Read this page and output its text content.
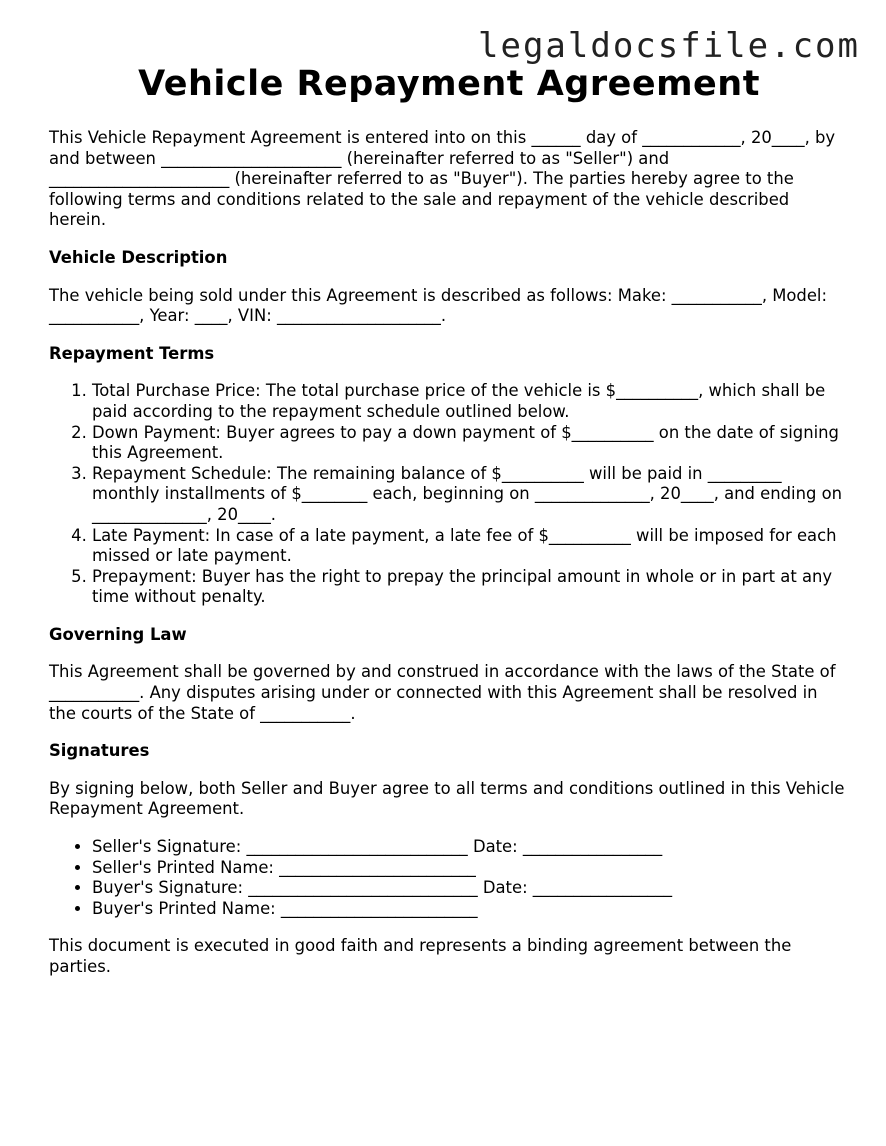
legaldocsfile.com
Vehicle Repayment Agreement

This Vehicle Repayment Agreement is entered into on this ______ day of ____________, 20____, by and between ______________________ (hereinafter referred to as "Seller") and ______________________ (hereinafter referred to as "Buyer"). The parties hereby agree to the following terms and conditions related to the sale and repayment of the vehicle described herein.

Vehicle Description

The vehicle being sold under this Agreement is described as follows: Make: ___________, Model: ___________, Year: ____, VIN: ____________________.

Repayment Terms
1. Total Purchase Price: The total purchase price of the vehicle is $__________, which shall be paid according to the repayment schedule outlined below.
2. Down Payment: Buyer agrees to pay a down payment of $__________ on the date of signing this Agreement.
3. Repayment Schedule: The remaining balance of $__________ will be paid in _________ monthly installments of $________ each, beginning on ______________, 20____, and ending on ______________, 20____.
4. Late Payment: In case of a late payment, a late fee of $__________ will be imposed for each missed or late payment.
5. Prepayment: Buyer has the right to prepay the principal amount in whole or in part at any time without penalty.
Governing Law

This Agreement shall be governed by and construed in accordance with the laws of the State of ___________. Any disputes arising under or connected with this Agreement shall be resolved in the courts of the State of ___________.

Signatures

By signing below, both Seller and Buyer agree to all terms and conditions outlined in this Vehicle Repayment Agreement.

• Seller's Signature: ___________________________ Date: _________________
• Seller's Printed Name: ________________________
• Buyer's Signature: ____________________________ Date: _________________
• Buyer's Printed Name: ________________________

This document is executed in good faith and represents a binding agreement between the parties.
